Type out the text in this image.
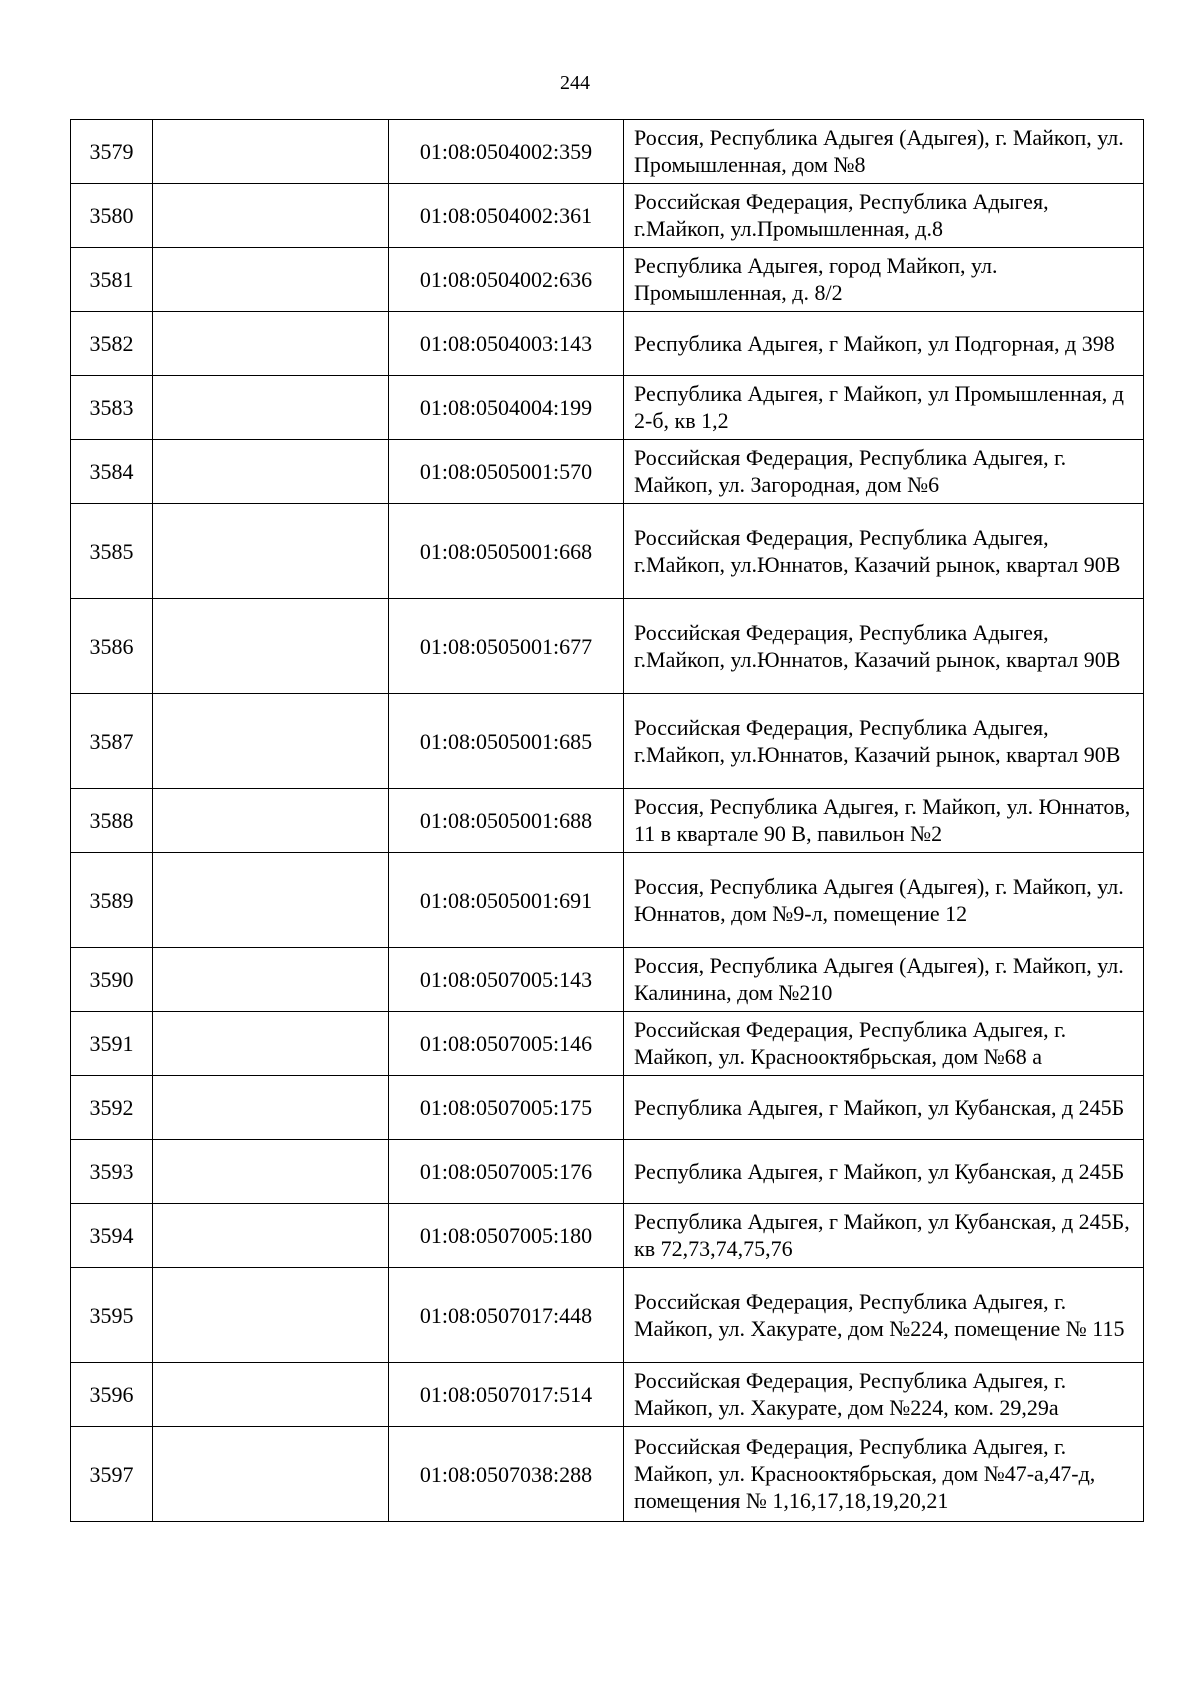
244
3579		01:08:0504002:359	Россия, Республика Адыгея (Адыгея), г. Майкоп, ул. Промышленная, дом №8
3580		01:08:0504002:361	Российская Федерация, Республика Адыгея, г.Майкоп, ул.Промышленная, д.8
3581		01:08:0504002:636	Республика Адыгея, город Майкоп, ул. Промышленная, д. 8/2
3582		01:08:0504003:143	Республика Адыгея, г Майкоп, ул Подгорная, д 398
3583		01:08:0504004:199	Республика Адыгея, г Майкоп, ул Промышленная, д 2-б, кв 1,2
3584		01:08:0505001:570	Российская Федерация, Республика Адыгея, г. Майкоп, ул. Загородная, дом №6
3585		01:08:0505001:668	Российская Федерация, Республика Адыгея, г.Майкоп, ул.Юннатов, Казачий рынок, квартал 90В
3586		01:08:0505001:677	Российская Федерация, Республика Адыгея, г.Майкоп, ул.Юннатов, Казачий рынок, квартал 90В
3587		01:08:0505001:685	Российская Федерация, Республика Адыгея, г.Майкоп, ул.Юннатов, Казачий рынок, квартал 90В
3588		01:08:0505001:688	Россия, Республика Адыгея, г. Майкоп, ул. Юннатов, 11 в квартале 90 В, павильон №2
3589		01:08:0505001:691	Россия, Республика Адыгея (Адыгея), г. Майкоп, ул. Юннатов, дом №9-л, помещение 12
3590		01:08:0507005:143	Россия, Республика Адыгея (Адыгея), г. Майкоп, ул. Калинина, дом №210
3591		01:08:0507005:146	Российская Федерация, Республика Адыгея, г. Майкоп, ул. Краснооктябрьская, дом №68 а
3592		01:08:0507005:175	Республика Адыгея, г Майкоп, ул Кубанская, д 245Б
3593		01:08:0507005:176	Республика Адыгея, г Майкоп, ул Кубанская, д 245Б
3594		01:08:0507005:180	Республика Адыгея, г Майкоп, ул Кубанская, д 245Б, кв 72,73,74,75,76
3595		01:08:0507017:448	Российская Федерация, Республика Адыгея, г. Майкоп, ул. Хакурате, дом №224, помещение № 115
3596		01:08:0507017:514	Российская Федерация, Республика Адыгея, г. Майкоп, ул. Хакурате, дом №224, ком. 29,29а
3597		01:08:0507038:288	Российская Федерация, Республика Адыгея, г. Майкоп, ул. Краснооктябрьская, дом №47-а,47-д, помещения № 1,16,17,18,19,20,21
